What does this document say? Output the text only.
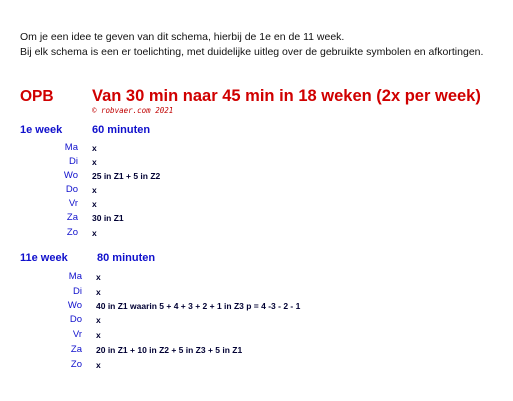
Om je een idee te geven van dit schema, hierbij de 1e en de 11 week.
Bij elk schema is een er toelichting, met duidelijke uitleg over de gebruikte symbolen en afkortingen.
OPB Van 30 min naar 45 min in 18 weken (2x per week)
© robvaer.com 2021
1e week	60 minuten
Ma x
Di x
Wo 25 in Z1 + 5 in Z2
Do x
Vr x
Za 30 in Z1
Zo x
11e week	80 minuten
Ma x
Di x
Wo 40 in Z1 waarin 5 + 4 + 3 + 2 + 1 in Z3 p = 4 -3 - 2 - 1
Do x
Vr x
Za 20 in Z1 + 10 in Z2 + 5 in Z3 + 5 in Z1
Zo x
